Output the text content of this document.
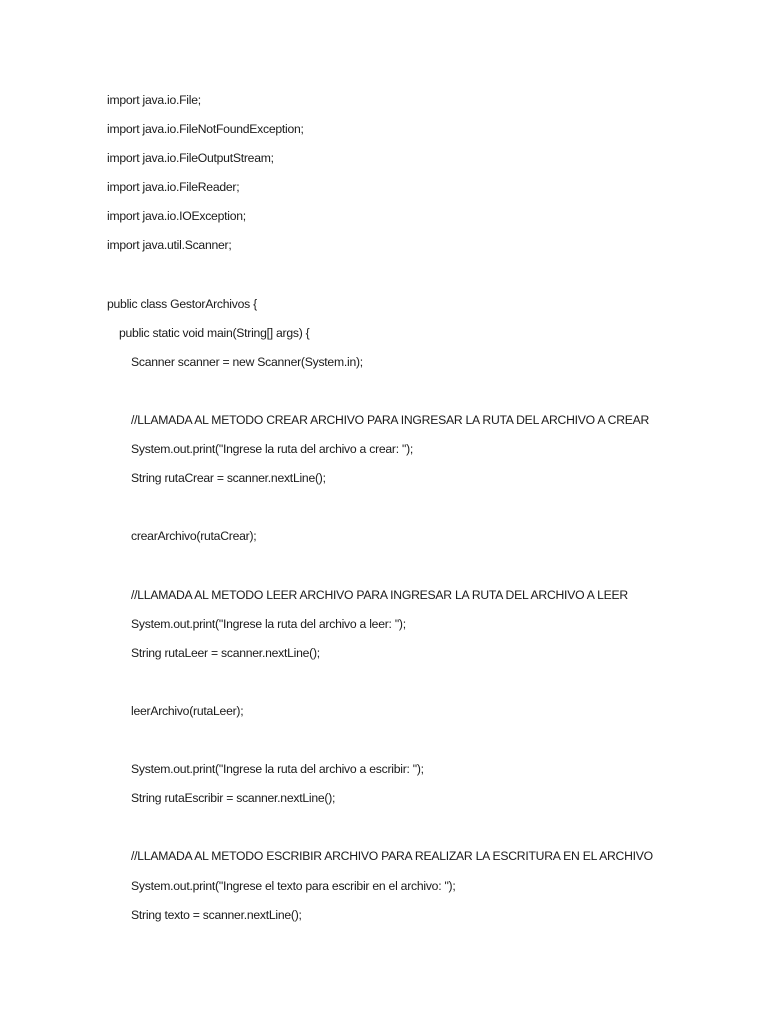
import java.io.File;
import java.io.FileNotFoundException;
import java.io.FileOutputStream;
import java.io.FileReader;
import java.io.IOException;
import java.util.Scanner;
public class GestorArchivos {
public static void main(String[] args) {
Scanner scanner = new Scanner(System.in);
//LLAMADA AL METODO CREAR ARCHIVO PARA INGRESAR LA RUTA DEL ARCHIVO A CREAR
System.out.print("Ingrese la ruta del archivo a crear: ");
String rutaCrear = scanner.nextLine();
crearArchivo(rutaCrear);
//LLAMADA AL METODO LEER ARCHIVO PARA INGRESAR LA RUTA DEL ARCHIVO A LEER
System.out.print("Ingrese la ruta del archivo a leer: ");
String rutaLeer = scanner.nextLine();
leerArchivo(rutaLeer);
System.out.print("Ingrese la ruta del archivo a escribir: ");
String rutaEscribir = scanner.nextLine();
//LLAMADA AL METODO ESCRIBIR ARCHIVO PARA REALIZAR LA ESCRITURA EN EL ARCHIVO
System.out.print("Ingrese el texto para escribir en el archivo: ");
String texto = scanner.nextLine();
